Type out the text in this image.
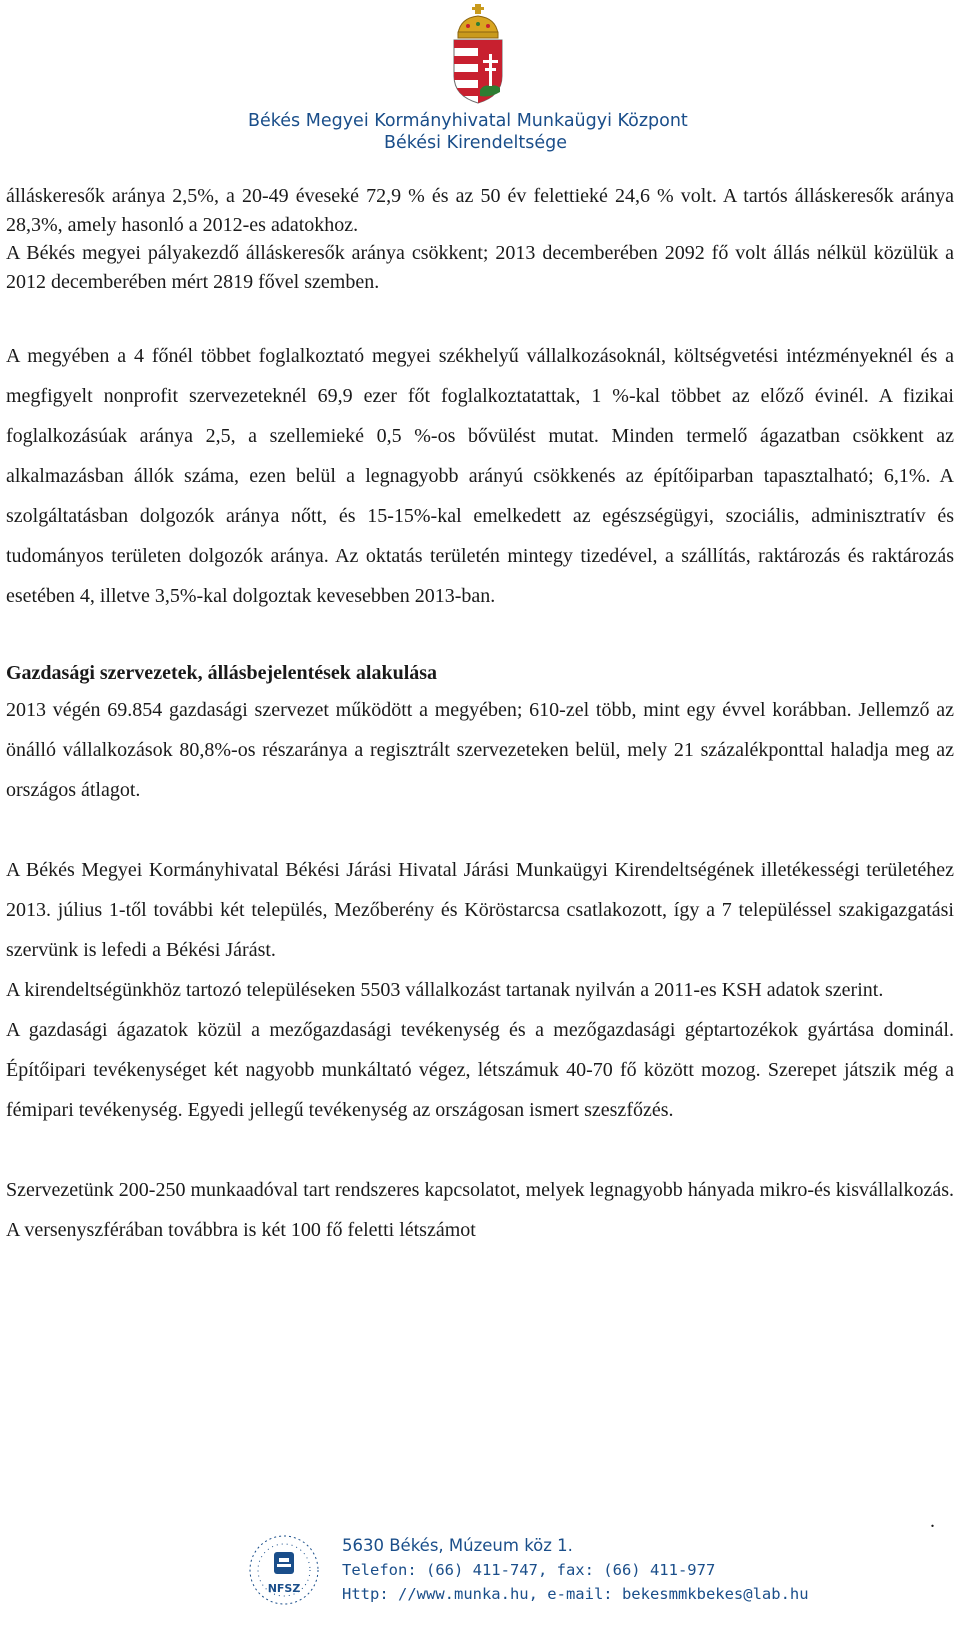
Békés Megyei Kormányhivatal Munkaügyi Központ
Békési Kirendeltsége

álláskeresők aránya 2,5%, a 20-49 éveseké 72,9 % és az 50 év felettieké 24,6 % volt. A tartós álláskeresők aránya 28,3%, amely hasonló a 2012-es adatokhoz.

A Békés megyei pályakezdő álláskeresők aránya csökkent; 2013 decemberében 2092 fő volt állás nélkül közülük a 2012 decemberében mért 2819 fővel szemben.

A megyében a 4 főnél többet foglalkoztató megyei székhelyű vállalkozásoknál, költségvetési intézményeknél és a megfigyelt nonprofit szervezeteknél 69,9 ezer főt foglalkoztatattak, 1 %-kal többet az előző évinél. A fizikai foglalkozásúak aránya 2,5, a szellemieké 0,5 %-os bővülést mutat. Minden termelő ágazatban csökkent az alkalmazásban állók száma, ezen belül a legnagyobb arányú csökkenés az építőiparban tapasztalható; 6,1%. A szolgáltatásban dolgozók aránya nőtt, és 15-15%-kal emelkedett az egészségügyi, szociális, adminisztratív és tudományos területen dolgozók aránya. Az oktatás területén mintegy tizedével, a szállítás, raktározás és raktározás esetében 4, illetve 3,5%-kal dolgoztak kevesebben 2013-ban.

Gazdasági szervezetek, állásbejelentések alakulása

2013 végén 69.854 gazdasági szervezet működött a megyében; 610-zel több, mint egy évvel korábban. Jellemző az önálló vállalkozások 80,8%-os részaránya a regisztrált szervezeteken belül, mely 21 százalékponttal haladja meg az országos átlagot.

A Békés Megyei Kormányhivatal Békési Járási Hivatal Járási Munkaügyi Kirendeltségének illetékességi területéhez 2013. július 1-től további két település, Mezőberény és Köröstarcsa csatlakozott, így a 7 településsel szakigazgatási szervünk is lefedi a Békési Járást.

A kirendeltségünkhöz tartozó településeken 5503 vállalkozást tartanak nyilván a 2011-es KSH adatok szerint.

A gazdasági ágazatok közül a mezőgazdasági tevékenység és a mezőgazdasági géptartozékok gyártása dominál. Építőipari tevékenységet két nagyobb munkáltató végez, létszámuk 40-70 fő között mozog. Szerepet játszik még a fémipari tevékenység. Egyedi jellegű tevékenység az országosan ismert szeszfőzés.

Szervezetünk 200-250 munkaadóval tart rendszeres kapcsolatot, melyek legnagyobb hányada mikro-és kisvállalkozás. A versenyszférában továbbra is két 100 fő feletti létszámot

.
NFSZ
5630 Békés, Múzeum köz 1.
Telefon: (66) 411-747, fax: (66) 411-977
Http: //www.munka.hu, e-mail: bekesmmkbekes@lab.hu
